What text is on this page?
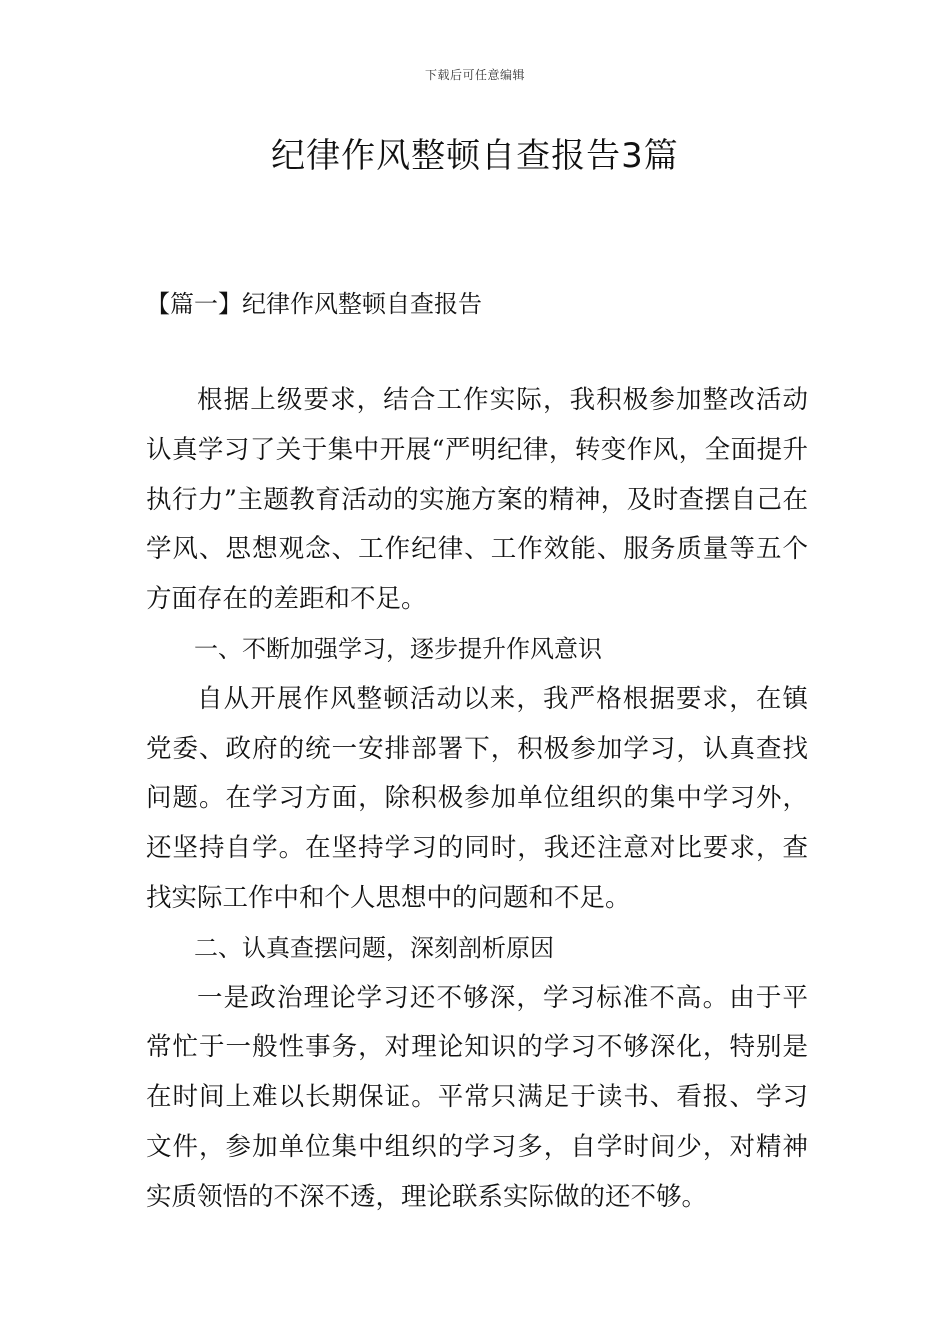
下载后可任意编辑
纪律作风整顿自查报告3篇
【篇一】纪律作风整顿自查报告

根据上级要求，结合工作实际，我积极参加整改活动认真学习了关于集中开展“严明纪律，转变作风，全面提升执行力”主题教育活动的实施方案的精神，及时查摆自己在学风、思想观念、工作纪律、工作效能、服务质量等五个方面存在的差距和不足。

一、不断加强学习，逐步提升作风意识

自从开展作风整顿活动以来，我严格根据要求，在镇党委、政府的统一安排部署下，积极参加学习，认真查找问题。在学习方面，除积极参加单位组织的集中学习外，还坚持自学。在坚持学习的同时，我还注意对比要求，查找实际工作中和个人思想中的问题和不足。

二、认真查摆问题，深刻剖析原因

一是政治理论学习还不够深，学习标准不高。由于平常忙于一般性事务，对理论知识的学习不够深化，特别是在时间上难以长期保证。平常只满足于读书、看报、学习文件，参加单位集中组织的学习多，自学时间少，对精神实质领悟的不深不透，理论联系实际做的还不够。
